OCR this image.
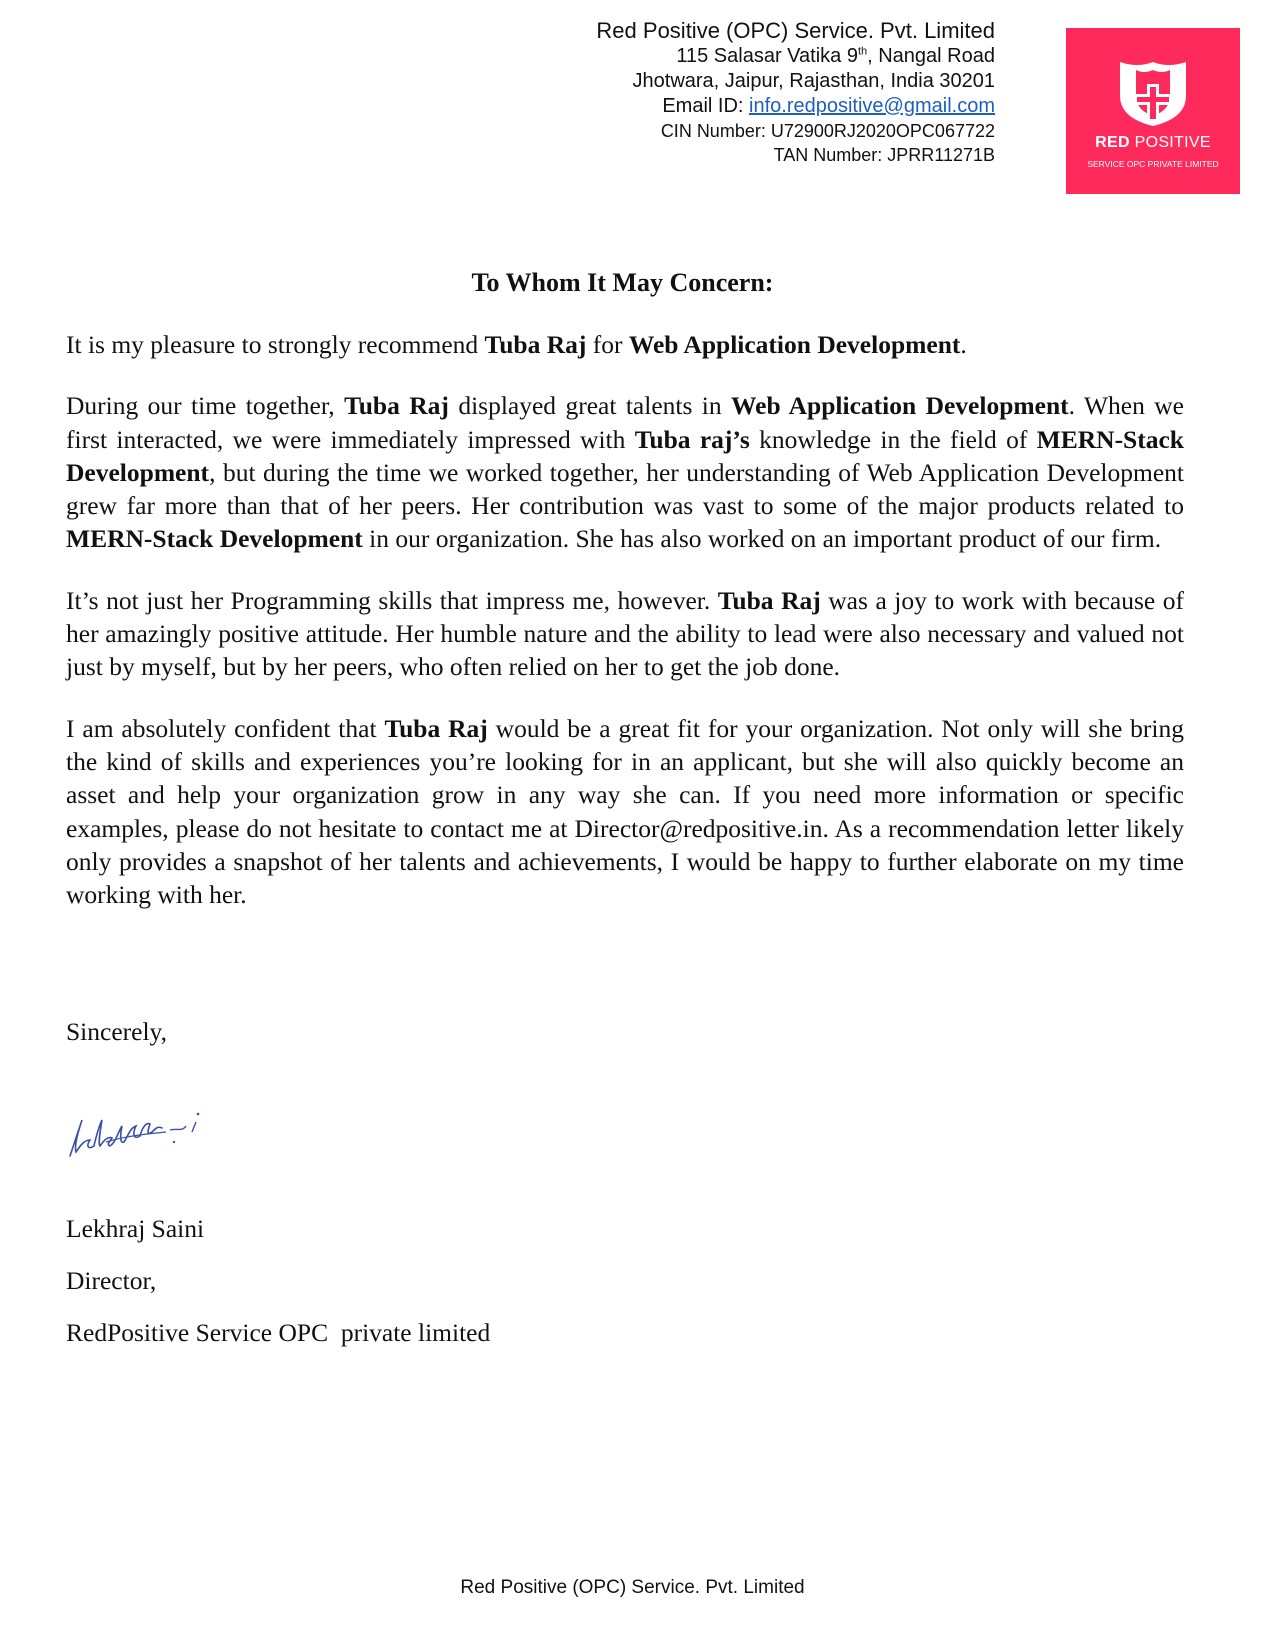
Red Positive (OPC) Service. Pvt. Limited
115 Salasar Vatika 9th, Nangal Road
Jhotwara, Jaipur, Rajasthan, India 30201
Email ID: info.redpositive@gmail.com
CIN Number: U72900RJ2020OPC067722
TAN Number: JPRR11271B
RED POSITIVE
SERVICE OPC PRIVATE LIMITED
To Whom It May Concern:

It is my pleasure to strongly recommend Tuba Raj for Web Application Development.

During our time together, Tuba Raj displayed great talents in Web Application Development. When we first interacted, we were immediately impressed with Tuba raj’s knowledge in the field of MERN-Stack Development, but during the time we worked together, her understanding of Web Application Development grew far more than that of her peers. Her contribution was vast to some of the major products related to MERN-Stack Development in our organization. She has also worked on an important product of our firm.

It’s not just her Programming skills that impress me, however. Tuba Raj was a joy to work with because of her amazingly positive attitude. Her humble nature and the ability to lead were also necessary and valued not just by myself, but by her peers, who often relied on her to get the job done.

I am absolutely confident that Tuba Raj would be a great fit for your organization. Not only will she bring the kind of skills and experiences you’re looking for in an applicant, but she will also quickly become an asset and help your organization grow in any way she can. If you need more information or specific examples, please do not hesitate to contact me at Director@redpositive.in. As a recommendation letter likely only provides a snapshot of her talents and achievements, I would be happy to further elaborate on my time working with her.

Sincerely,
Lekhraj Saini
Director,
RedPositive Service OPC  private limited
Red Positive (OPC) Service. Pvt. Limited
